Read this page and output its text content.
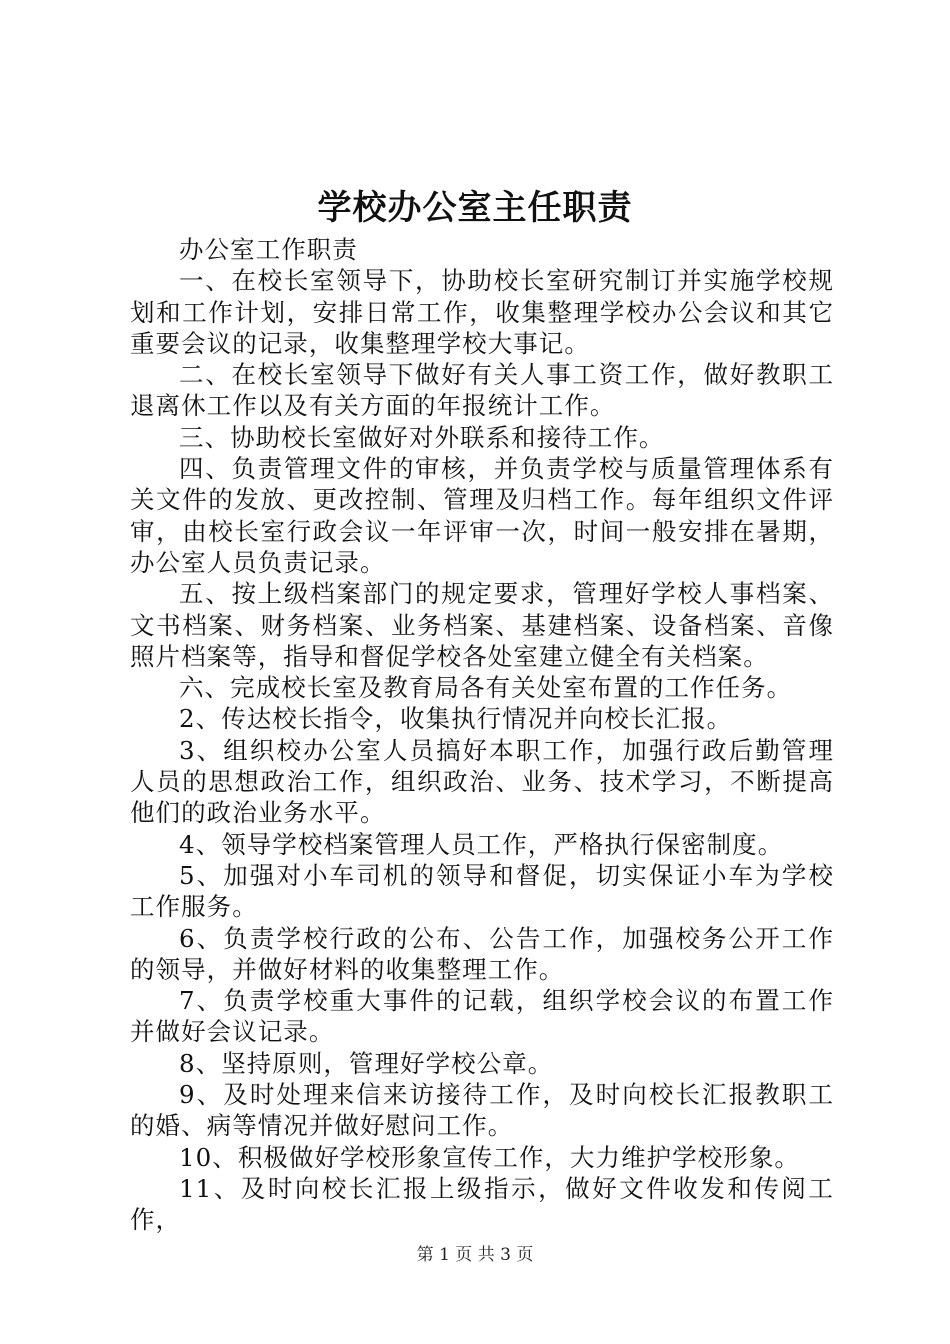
学校办公室主任职责

办公室工作职责

一、在校长室领导下，协助校长室研究制订并实施学校规划和工作计划，安排日常工作，收集整理学校办公会议和其它重要会议的记录，收集整理学校大事记。

二、在校长室领导下做好有关人事工资工作，做好教职工退离休工作以及有关方面的年报统计工作。

三、协助校长室做好对外联系和接待工作。

四、负责管理文件的审核，并负责学校与质量管理体系有关文件的发放、更改控制、管理及归档工作。每年组织文件评审，由校长室行政会议一年评审一次，时间一般安排在暑期，办公室人员负责记录。

五、按上级档案部门的规定要求，管理好学校人事档案、文书档案、财务档案、业务档案、基建档案、设备档案、音像照片档案等，指导和督促学校各处室建立健全有关档案。

六、完成校长室及教育局各有关处室布置的工作任务。

2、传达校长指令，收集执行情况并向校长汇报。

3、组织校办公室人员搞好本职工作，加强行政后勤管理人员的思想政治工作，组织政治、业务、技术学习，不断提高他们的政治业务水平。

4、领导学校档案管理人员工作，严格执行保密制度。

5、加强对小车司机的领导和督促，切实保证小车为学校工作服务。

6、负责学校行政的公布、公告工作，加强校务公开工作的领导，并做好材料的收集整理工作。

7、负责学校重大事件的记载，组织学校会议的布置工作并做好会议记录。

8、坚持原则，管理好学校公章。

9、及时处理来信来访接待工作，及时向校长汇报教职工的婚、病等情况并做好慰问工作。

10、积极做好学校形象宣传工作，大力维护学校形象。

11、及时向校长汇报上级指示，做好文件收发和传阅工作，

第 1 页 共 3 页
